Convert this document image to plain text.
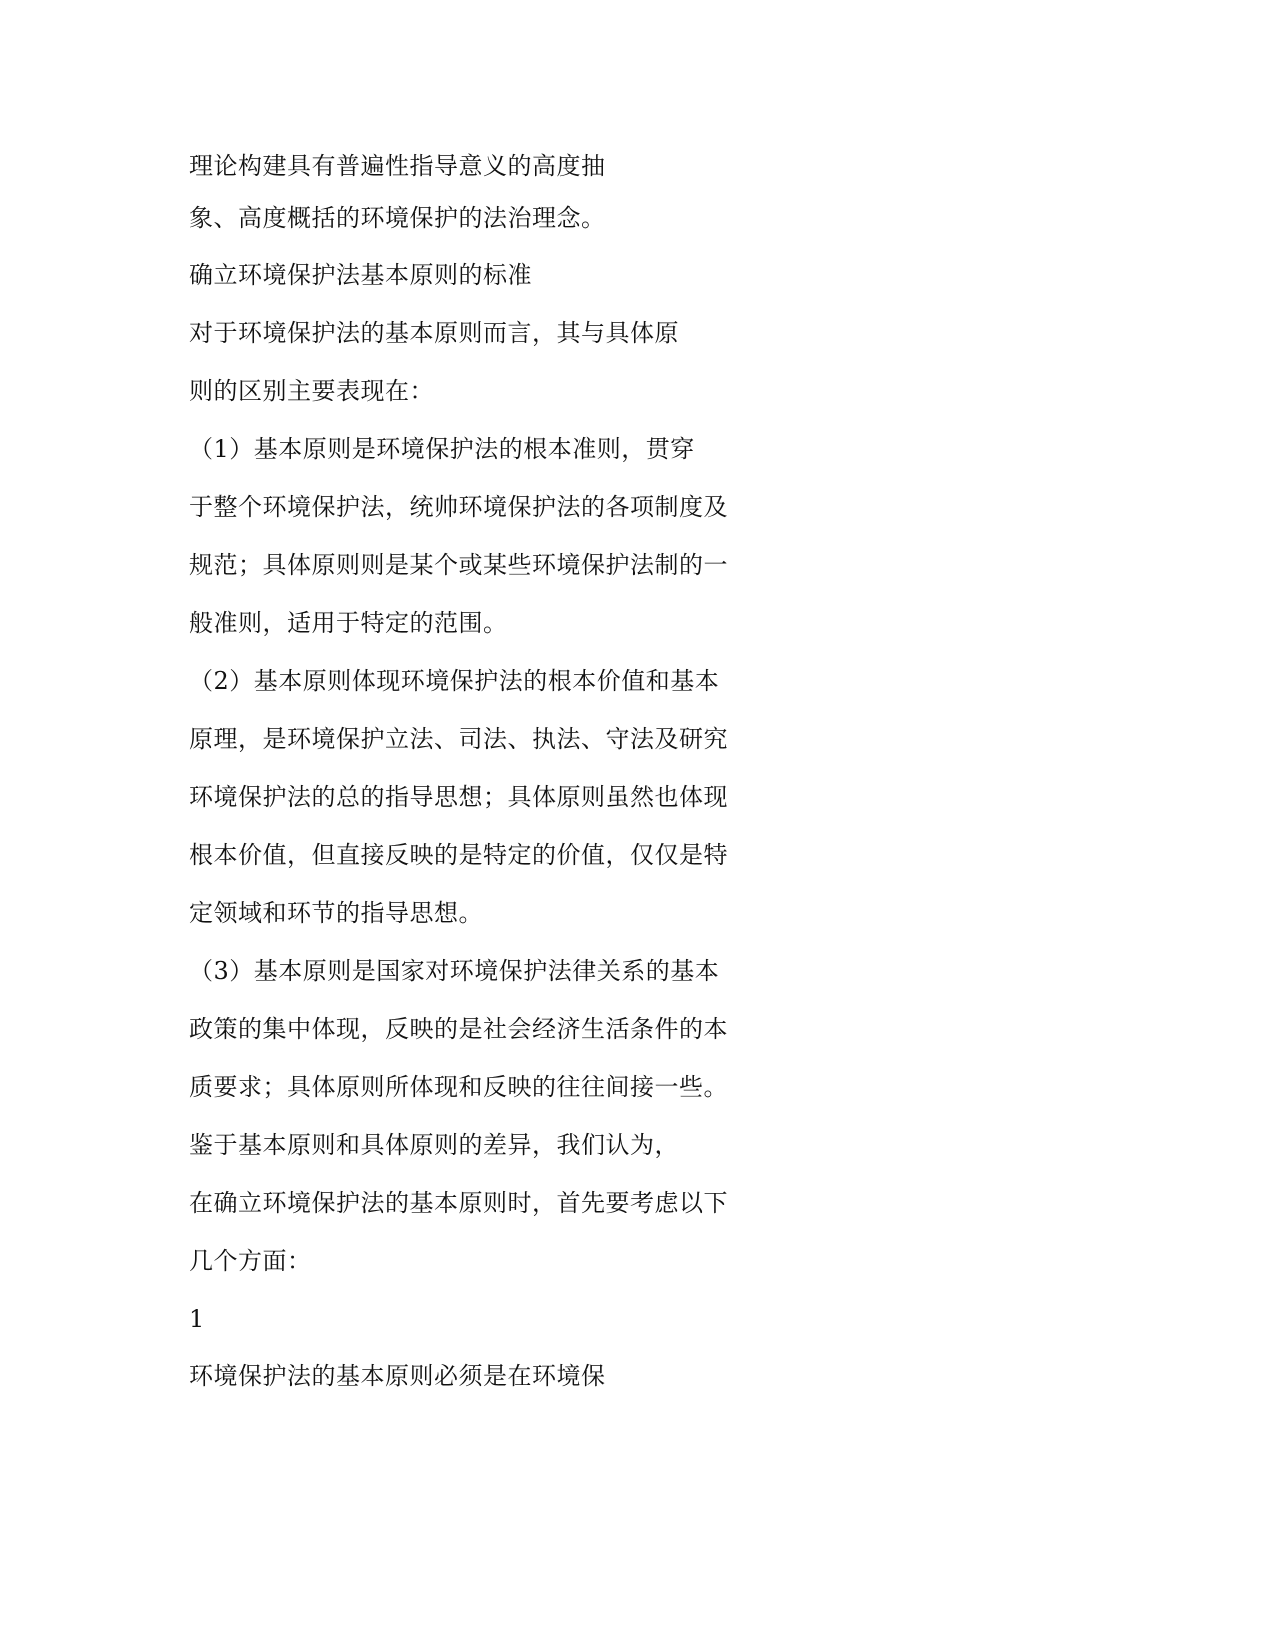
理论构建具有普遍性指导意义的高度抽

象、高度概括的环境保护的法治理念。

确立环境保护法基本原则的标准

对于环境保护法的基本原则而言，其与具体原

则的区别主要表现在：

（1）基本原则是环境保护法的根本准则，贯穿

于整个环境保护法，统帅环境保护法的各项制度及

规范；具体原则则是某个或某些环境保护法制的一

般准则，适用于特定的范围。

（2）基本原则体现环境保护法的根本价值和基本

原理，是环境保护立法、司法、执法、守法及研究

环境保护法的总的指导思想；具体原则虽然也体现

根本价值，但直接反映的是特定的价值，仅仅是特

定领域和环节的指导思想。

（3）基本原则是国家对环境保护法律关系的基本

政策的集中体现，反映的是社会经济生活条件的本

质要求；具体原则所体现和反映的往往间接一些。

鉴于基本原则和具体原则的差异，我们认为，

在确立环境保护法的基本原则时，首先要考虑以下

几个方面：

1

环境保护法的基本原则必须是在环境保
